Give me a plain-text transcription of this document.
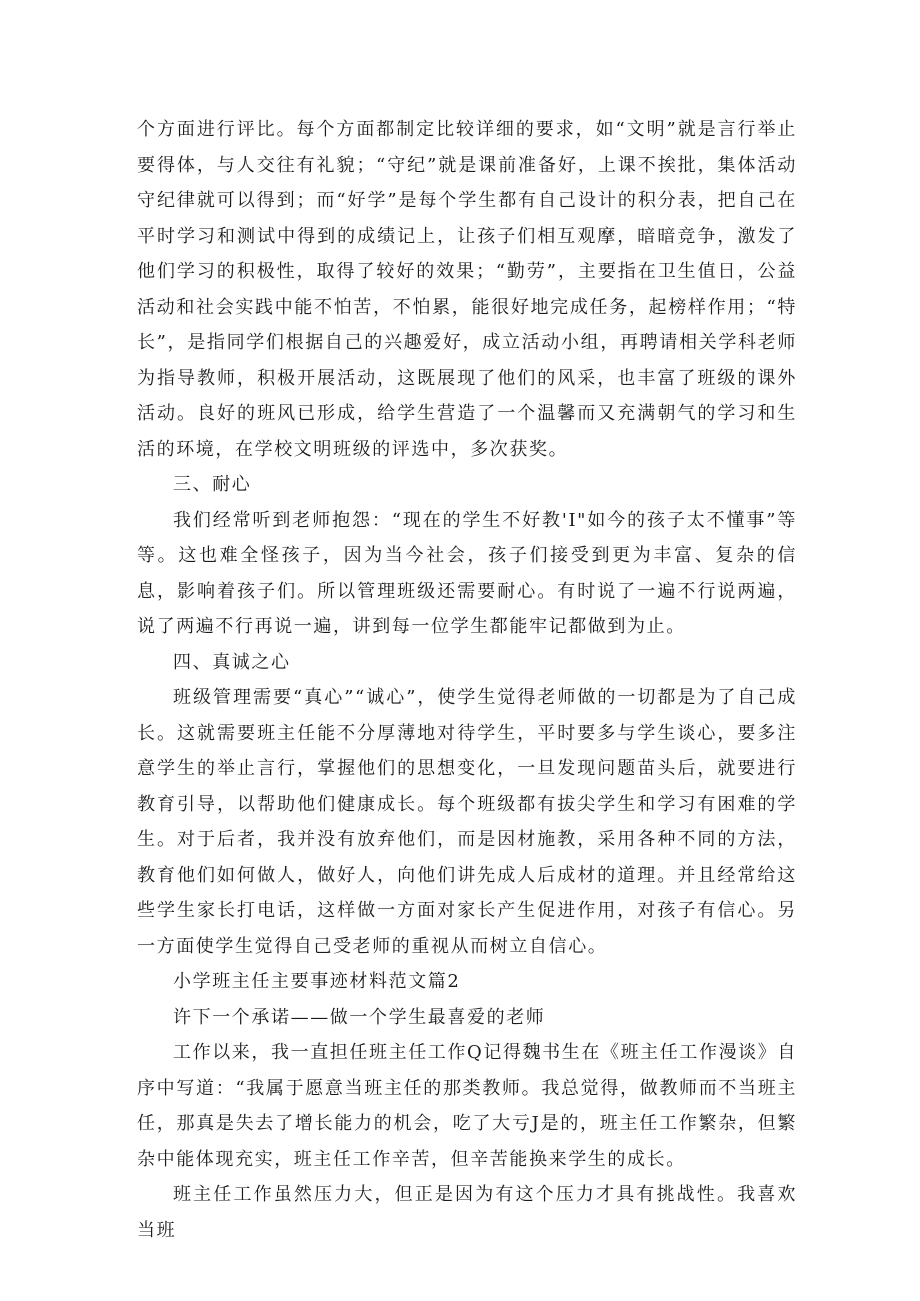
个方面进行评比。每个方面都制定比较详细的要求，如“文明”就是言行举止要得体，与人交往有礼貌；“守纪”就是课前准备好，上课不挨批，集体活动守纪律就可以得到；而“好学”是每个学生都有自己设计的积分表，把自己在平时学习和测试中得到的成绩记上，让孩子们相互观摩，暗暗竞争，激发了他们学习的积极性，取得了较好的效果；“勤劳”，主要指在卫生值日，公益活动和社会实践中能不怕苦，不怕累，能很好地完成任务，起榜样作用；“特长”，是指同学们根据自己的兴趣爱好，成立活动小组，再聘请相关学科老师为指导教师，积极开展活动，这既展现了他们的风采，也丰富了班级的课外活动。良好的班风已形成，给学生营造了一个温馨而又充满朝气的学习和生活的环境，在学校文明班级的评选中，多次获奖。

三、耐心

我们经常听到老师抱怨：“现在的学生不好教'I"如今的孩子太不懂事”等等。这也难全怪孩子，因为当今社会，孩子们接受到更为丰富、复杂的信息，影响着孩子们。所以管理班级还需要耐心。有时说了一遍不行说两遍，说了两遍不行再说一遍，讲到每一位学生都能牢记都做到为止。

四、真诚之心

班级管理需要“真心”“诚心”，使学生觉得老师做的一切都是为了自己成长。这就需要班主任能不分厚薄地对待学生，平时要多与学生谈心，要多注意学生的举止言行，掌握他们的思想变化，一旦发现问题苗头后，就要进行教育引导，以帮助他们健康成长。每个班级都有拔尖学生和学习有困难的学生。对于后者，我并没有放弃他们，而是因材施教，采用各种不同的方法，教育他们如何做人，做好人，向他们讲先成人后成材的道理。并且经常给这些学生家长打电话，这样做一方面对家长产生促进作用，对孩子有信心。另一方面使学生觉得自己受老师的重视从而树立自信心。

小学班主任主要事迹材料范文篇2

许下一个承诺——做一个学生最喜爱的老师

工作以来，我一直担任班主任工作Q记得魏书生在《班主任工作漫谈》自序中写道：“我属于愿意当班主任的那类教师。我总觉得，做教师而不当班主任，那真是失去了增长能力的机会，吃了大亏J是的，班主任工作繁杂，但繁杂中能体现充实，班主任工作辛苦，但辛苦能换来学生的成长。

班主任工作虽然压力大，但正是因为有这个压力才具有挑战性。我喜欢当班
